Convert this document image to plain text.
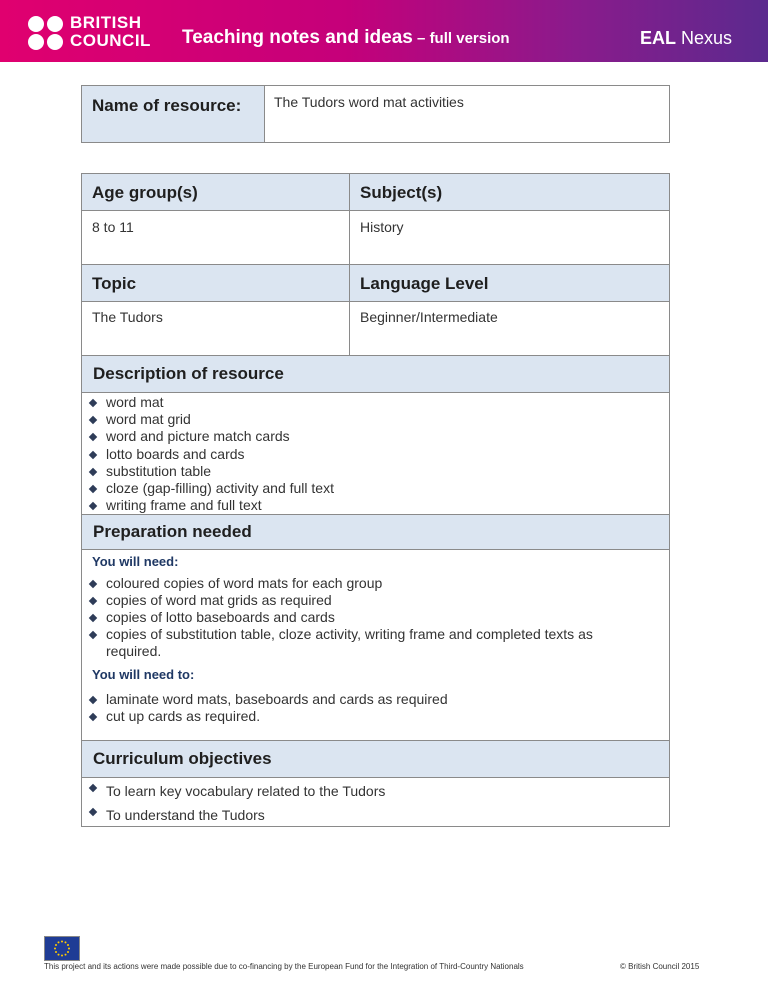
BRITISH
COUNCIL Teaching notes and ideas – full version	EAL Nexus
Name of resource:	The Tudors word mat activities
Age group(s)	Subject(s)
8 to 11	History
Topic	Language Level
The Tudors	Beginner/Intermediate
Description of resource
word mat
word mat grid
word and picture match cards
lotto boards and cards
substitution table
cloze (gap-filling) activity and full text
writing frame and full text
Preparation needed
You will need:
coloured copies of word mats for each group
copies of word mat grids as required
copies of lotto baseboards and cards
copies of substitution table, cloze activity, writing frame and completed texts as required.
You will need to:
laminate word mats, baseboards and cards as required
cut up cards as required.
Curriculum objectives
To learn key vocabulary related to the Tudors
To understand the Tudors
This project and its actions were made possible due to co-financing by the European Fund for the Integration of Third-Country Nationals	© British Council 2015
